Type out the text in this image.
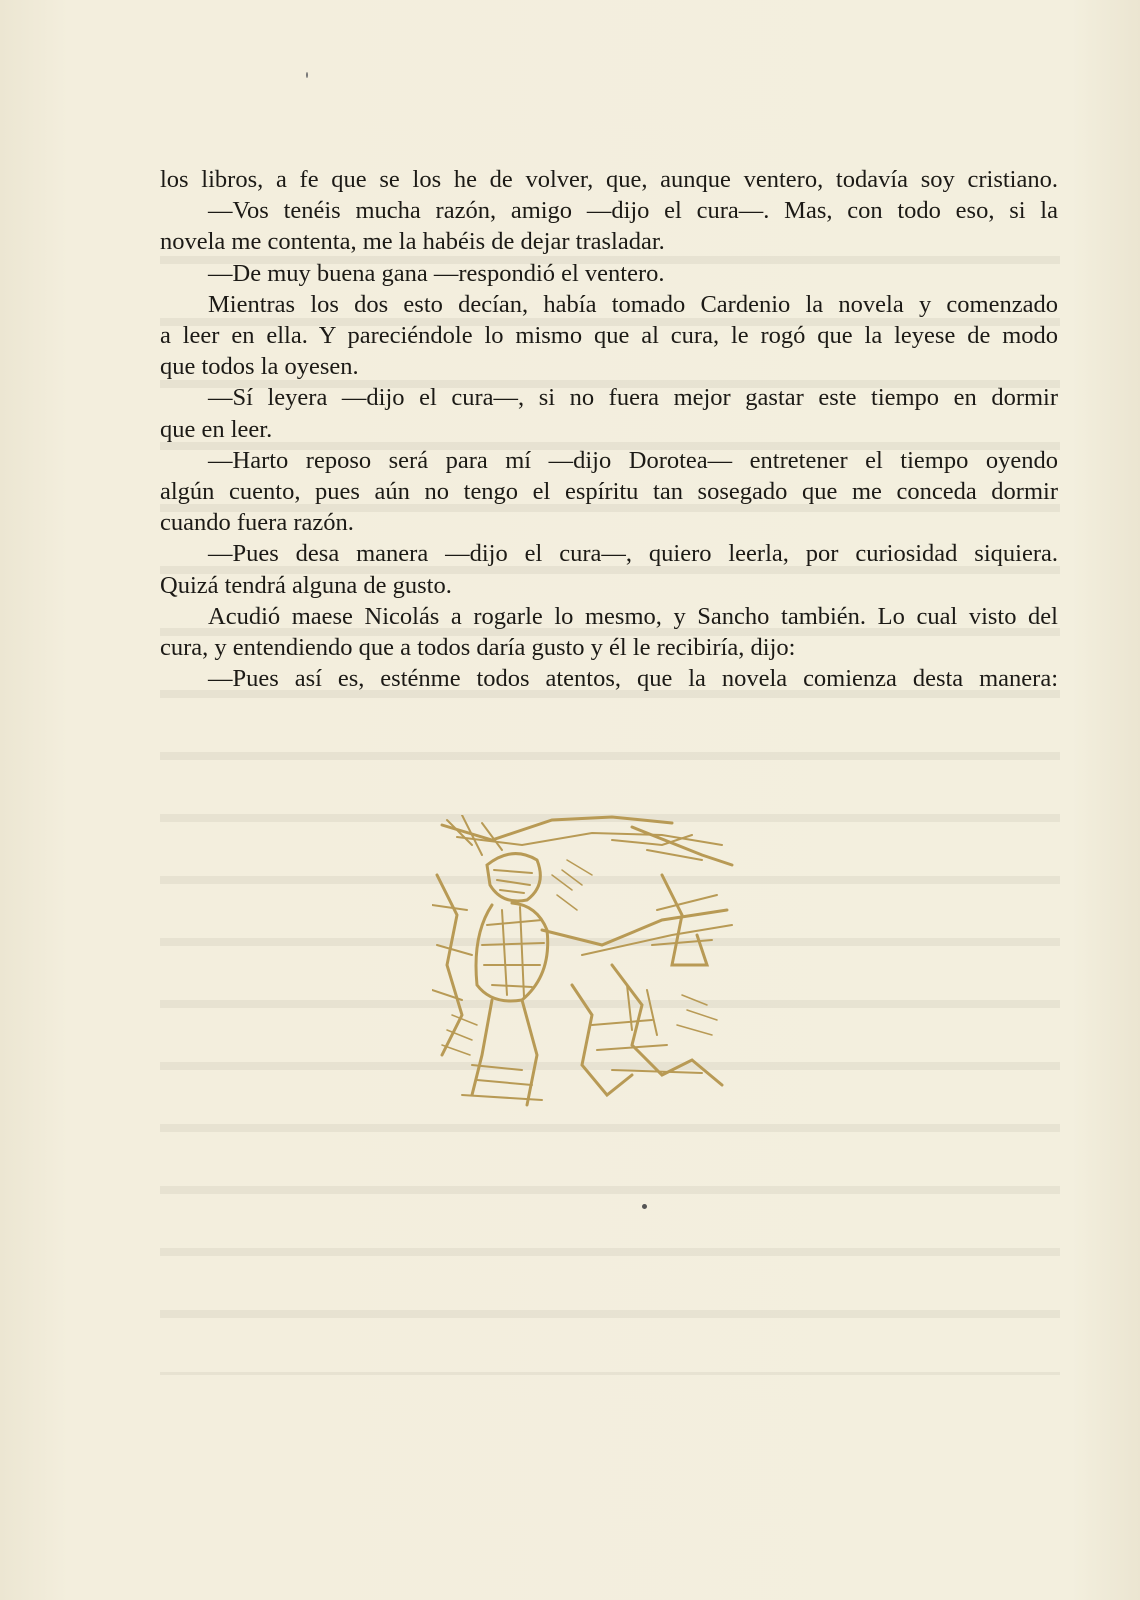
los libros, a fe que se los he de volver, que, aunque ventero, todavía soy cristiano.

—Vos tenéis mucha razón, amigo —dijo el cura—. Mas, con todo eso, si la

novela me contenta, me la habéis de dejar trasladar.

—De muy buena gana —respondió el ventero.

Mientras los dos esto decían, había tomado Cardenio la novela y comenzado

a leer en ella. Y pareciéndole lo mismo que al cura, le rogó que la leyese de modo

que todos la oyesen.

—Sí leyera —dijo el cura—, si no fuera mejor gastar este tiempo en dormir

que en leer.

—Harto reposo será para mí —dijo Dorotea— entretener el tiempo oyendo

algún cuento, pues aún no tengo el espíritu tan sosegado que me conceda dormir

cuando fuera razón.

—Pues desa manera —dijo el cura—, quiero leerla, por curiosidad siquiera.

Quizá tendrá alguna de gusto.

Acudió maese Nicolás a rogarle lo mesmo, y Sancho también. Lo cual visto del

cura, y entendiendo que a todos daría gusto y él le recibiría, dijo:

—Pues así es, esténme todos atentos, que la novela comienza desta manera:
